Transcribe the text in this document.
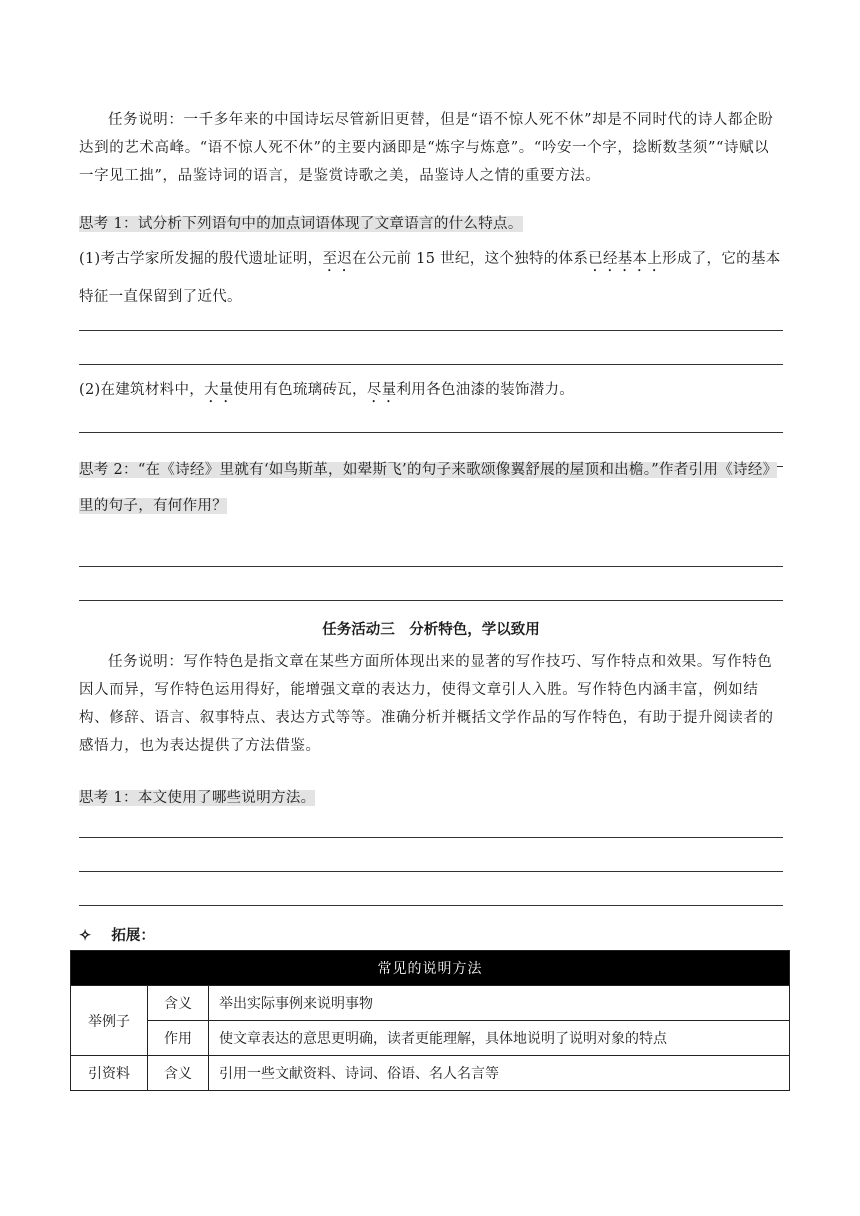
任务说明：一千多年来的中国诗坛尽管新旧更替，但是“语不惊人死不休”却是不同时代的诗人都企盼达到的艺术高峰。“语不惊人死不休”的主要内涵即是“炼字与炼意”。“吟安一个字，捻断数茎须”“诗赋以一字见工拙”，品鉴诗词的语言，是鉴赏诗歌之美，品鉴诗人之情的重要方法。

思考 1：试分析下列语句中的加点词语体现了文章语言的什么特点。

(1)考古学家所发掘的殷代遗址证明，至迟在公元前 15 世纪，这个独特的体系已经基本上形成了，它的基本特征一直保留到了近代。

(2)在建筑材料中，大量使用有色琉璃砖瓦，尽量利用各色油漆的装饰潜力。

思考 2：“在《诗经》里就有‘如鸟斯革，如翚斯飞’的句子来歌颂像翼舒展的屋顶和出檐。”作者引用《诗经》里的句子，有何作用？

任务活动三　分析特色，学以致用

任务说明：写作特色是指文章在某些方面所体现出来的显著的写作技巧、写作特点和效果。写作特色因人而异，写作特色运用得好，能增强文章的表达力，使得文章引人入胜。写作特色内涵丰富，例如结构、修辞、语言、叙事特点、表达方式等等。准确分析并概括文学作品的写作特色，有助于提升阅读者的感悟力，也为表达提供了方法借鉴。

思考 1：本文使用了哪些说明方法。

✧ 拓展：
常见的说明方法		
举例子	含义	举出实际事例来说明事物
	作用	使文章表达的意思更明确，读者更能理解，具体地说明了说明对象的特点
引资料	含义	引用一些文献资料、诗词、俗语、名人名言等
